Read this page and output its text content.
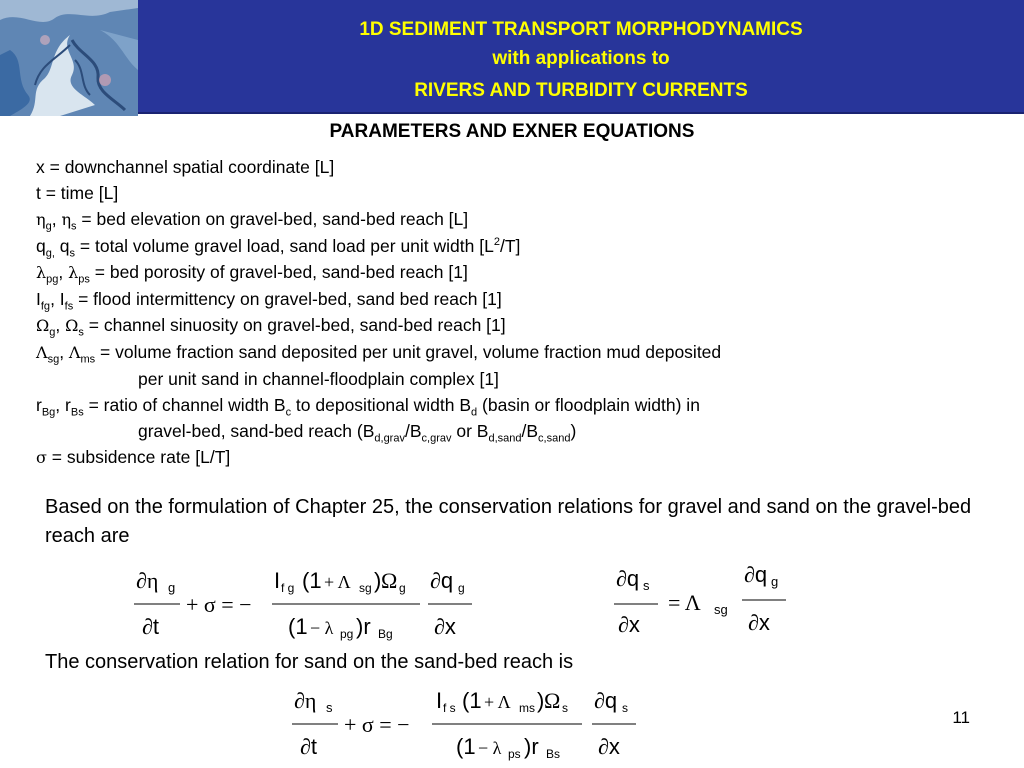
1D SEDIMENT TRANSPORT MORPHODYNAMICS
with applications to
RIVERS AND TURBIDITY CURRENTS
PARAMETERS AND EXNER EQUATIONS
x = downchannel spatial coordinate [L]
t = time [L]
$\eta_g$, $\eta_s$ = bed elevation on gravel-bed, sand-bed reach [L]
$q_{g,}$ $q_s$ = total volume gravel load, sand load per unit width $[L^2/T]$
$\lambda_{pg}$, $\lambda_{ps}$ = bed porosity of gravel-bed, sand-bed reach [1]
$I_{fg}$, $I_{fs}$ = flood intermittency on gravel-bed, sand bed reach [1]
$\Omega_g$, $\Omega_s$ = channel sinuosity on gravel-bed, sand-bed reach [1]
$\Lambda_{sg}$, $\Lambda_{ms}$ = volume fraction sand deposited per unit gravel, volume fraction mud deposited
per unit sand in channel-floodplain complex [1]
$r_{Bg}$, $r_{Bs}$ = ratio of channel width $B_c$ to depositional width $B_d$ (basin or floodplain width) in
gravel-bed, sand-bed reach ($B_{d,grav}/B_{c,grav}$ or $B_{d,sand}/B_{c,sand}$)
σ = subsidence rate [L/T]
Based on the formulation of Chapter 25, the conservation relations for gravel and sand on the gravel-bed reach are
∂η g
∂t
+ σ = −
I f g (1 + Λ sg ) Ω g
(1 − λ pg )r Bg
∂q g
∂x
∂q s
∂x
= Λ sg
∂q g
∂x
The conservation relation for sand on the sand-bed reach is
∂η s
∂t
+ σ = −
I f s (1 + Λ ms ) Ω s
(1 − λ ps )r Bs
∂q s
∂x
11
